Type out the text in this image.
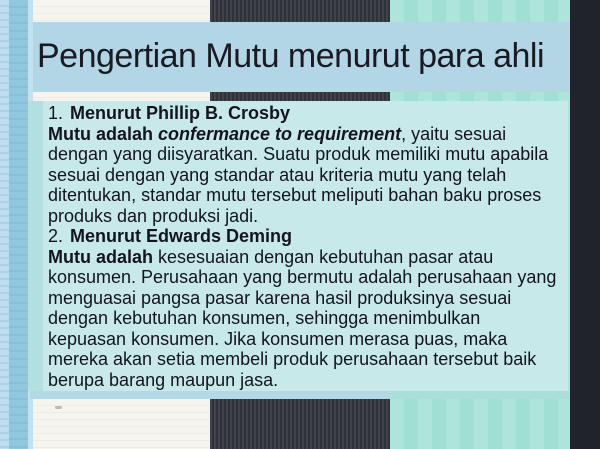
Pengertian Mutu menurut para ahli
1. Menurut Phillip B. Crosby

Mutu adalah confermance to requirement, yaitu sesuai dengan yang diisyaratkan. Suatu produk memiliki mutu apabila sesuai dengan yang standar atau kriteria mutu yang telah ditentukan, standar mutu tersebut meliputi bahan baku proses produks dan produksi jadi.

2. Menurut Edwards Deming

Mutu adalah kesesuaian dengan kebutuhan pasar atau konsumen. Perusahaan yang bermutu adalah perusahaan yang menguasai pangsa pasar karena hasil produksinya sesuai dengan kebutuhan konsumen, sehingga menimbulkan kepuasan konsumen. Jika konsumen merasa puas, maka mereka akan setia membeli produk perusahaan tersebut baik berupa barang maupun jasa.
